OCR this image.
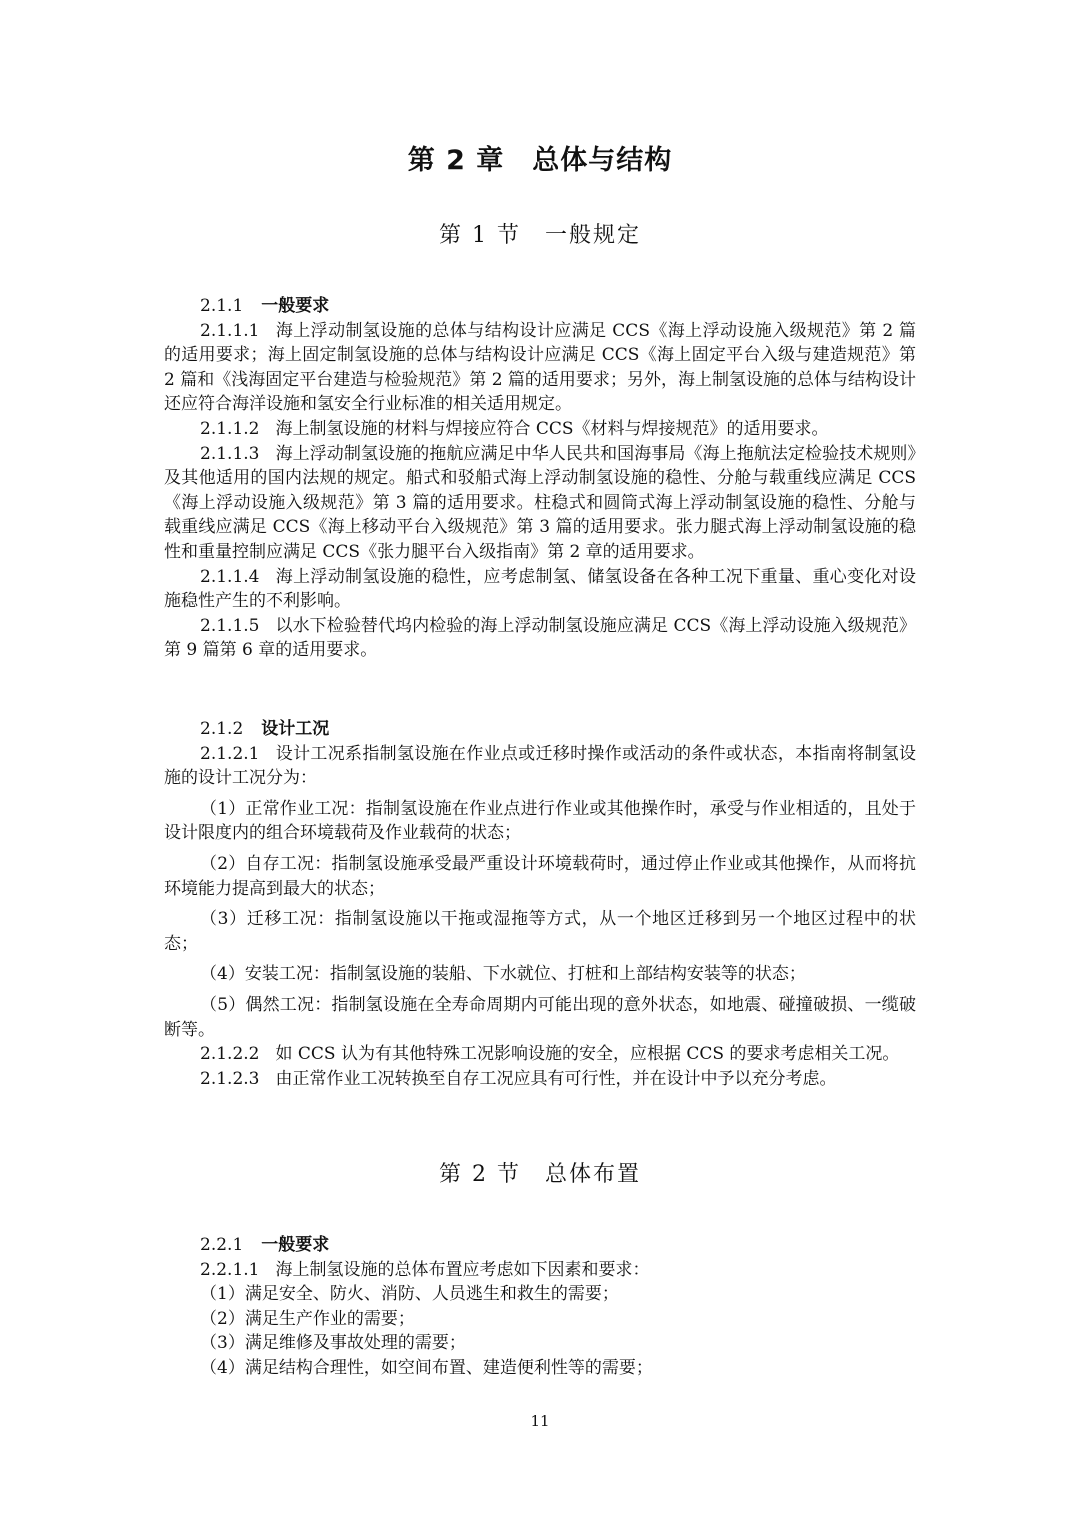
第 2 章　总体与结构
第 1 节　一般规定

2.1.1 一般要求

2.1.1.1 海上浮动制氢设施的总体与结构设计应满足 CCS《海上浮动设施入级规范》第 2 篇的适用要求；海上固定制氢设施的总体与结构设计应满足 CCS《海上固定平台入级与建造规范》第 2 篇和《浅海固定平台建造与检验规范》第 2 篇的适用要求；另外，海上制氢设施的总体与结构设计还应符合海洋设施和氢安全行业标准的相关适用规定。

2.1.1.2 海上制氢设施的材料与焊接应符合 CCS《材料与焊接规范》的适用要求。

2.1.1.3 海上浮动制氢设施的拖航应满足中华人民共和国海事局《海上拖航法定检验技术规则》及其他适用的国内法规的规定。船式和驳船式海上浮动制氢设施的稳性、分舱与载重线应满足 CCS《海上浮动设施入级规范》第 3 篇的适用要求。柱稳式和圆筒式海上浮动制氢设施的稳性、分舱与载重线应满足 CCS《海上移动平台入级规范》第 3 篇的适用要求。张力腿式海上浮动制氢设施的稳性和重量控制应满足 CCS《张力腿平台入级指南》第 2 章的适用要求。

2.1.1.4 海上浮动制氢设施的稳性，应考虑制氢、储氢设备在各种工况下重量、重心变化对设施稳性产生的不利影响。

2.1.1.5 以水下检验替代坞内检验的海上浮动制氢设施应满足 CCS《海上浮动设施入级规范》第 9 篇第 6 章的适用要求。

2.1.2 设计工况

2.1.2.1 设计工况系指制氢设施在作业点或迁移时操作或活动的条件或状态，本指南将制氢设施的设计工况分为：

（1）正常作业工况：指制氢设施在作业点进行作业或其他操作时，承受与作业相适的，且处于设计限度内的组合环境载荷及作业载荷的状态；

（2）自存工况：指制氢设施承受最严重设计环境载荷时，通过停止作业或其他操作，从而将抗环境能力提高到最大的状态；

（3）迁移工况：指制氢设施以干拖或湿拖等方式，从一个地区迁移到另一个地区过程中的状态；

（4）安装工况：指制氢设施的装船、下水就位、打桩和上部结构安装等的状态；

（5）偶然工况：指制氢设施在全寿命周期内可能出现的意外状态，如地震、碰撞破损、一缆破断等。

2.1.2.2 如 CCS 认为有其他特殊工况影响设施的安全，应根据 CCS 的要求考虑相关工况。

2.1.2.3 由正常作业工况转换至自存工况应具有可行性，并在设计中予以充分考虑。

第 2 节　总体布置

2.2.1 一般要求

2.2.1.1 海上制氢设施的总体布置应考虑如下因素和要求：

（1）满足安全、防火、消防、人员逃生和救生的需要；

（2）满足生产作业的需要；

（3）满足维修及事故处理的需要；

（4）满足结构合理性，如空间布置、建造便利性等的需要；

11
